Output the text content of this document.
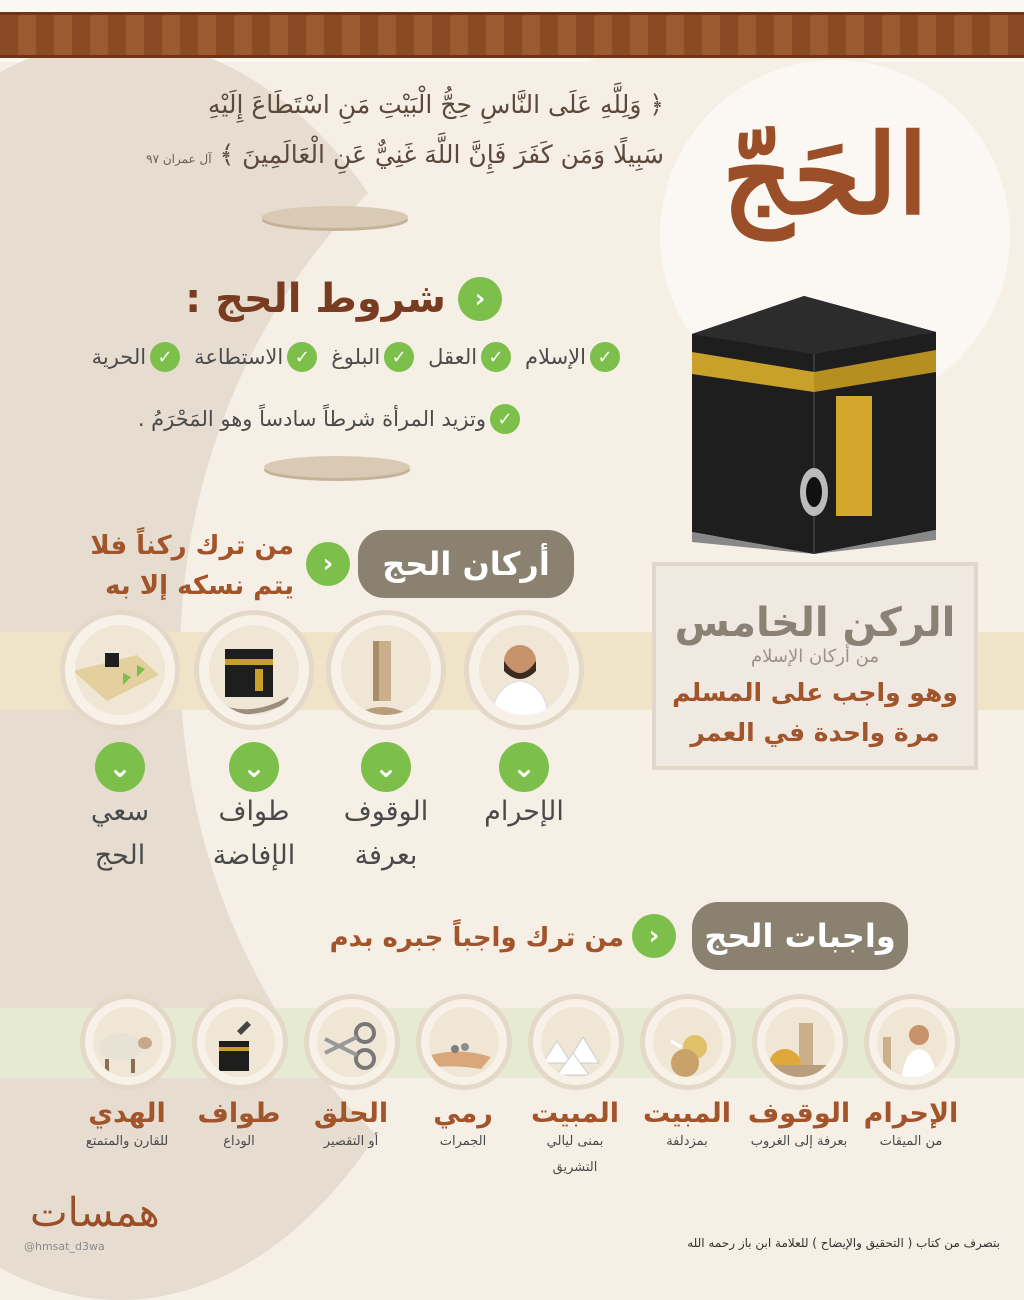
﴿ وَلِلَّهِ عَلَى النَّاسِ حِجُّ الْبَيْتِ مَنِ اسْتَطَاعَ إِلَيْهِ
سَبِيلًا وَمَن كَفَرَ فَإِنَّ اللَّهَ غَنِيٌّ عَنِ الْعَالَمِينَ ﴾ آل عمران ٩٧	الحَجّ
الركن الخامس
من أركان الإسلام
وهو واجب على المسلم
مرة واحدة في العمر
‹
شروط الحج :
✓
الإسلام
✓
العقل
✓
البلوغ
✓
الاستطاعة
✓
الحرية
✓
وتزيد المرأة شرطاً سادساً وهو المَحْرَمُ .
أركان الحج
‹
من ترك ركناً فلا
يتم نسكه إلا به
⌄
⌄
⌄
⌄
الإحرام
الوقوف
بعرفة
طواف
الإفاضة
سعي
الحج
واجبات الحج
‹
من ترك واجباً جبره بدم
الإحرام
من الميقات
الوقوف
بعرفة إلى الغروب
المبيت
بمزدلفة
المبيت
بمنى ليالي
التشريق
رمي
الجمرات
الحلق
أو التقصير
طواف
الوداع
الهدي
للقارن والمتمتع
همسات
@hmsat_d3wa	بتصرف من كتاب ( التحقيق والإيضاح ) للعلامة ابن باز رحمه الله
